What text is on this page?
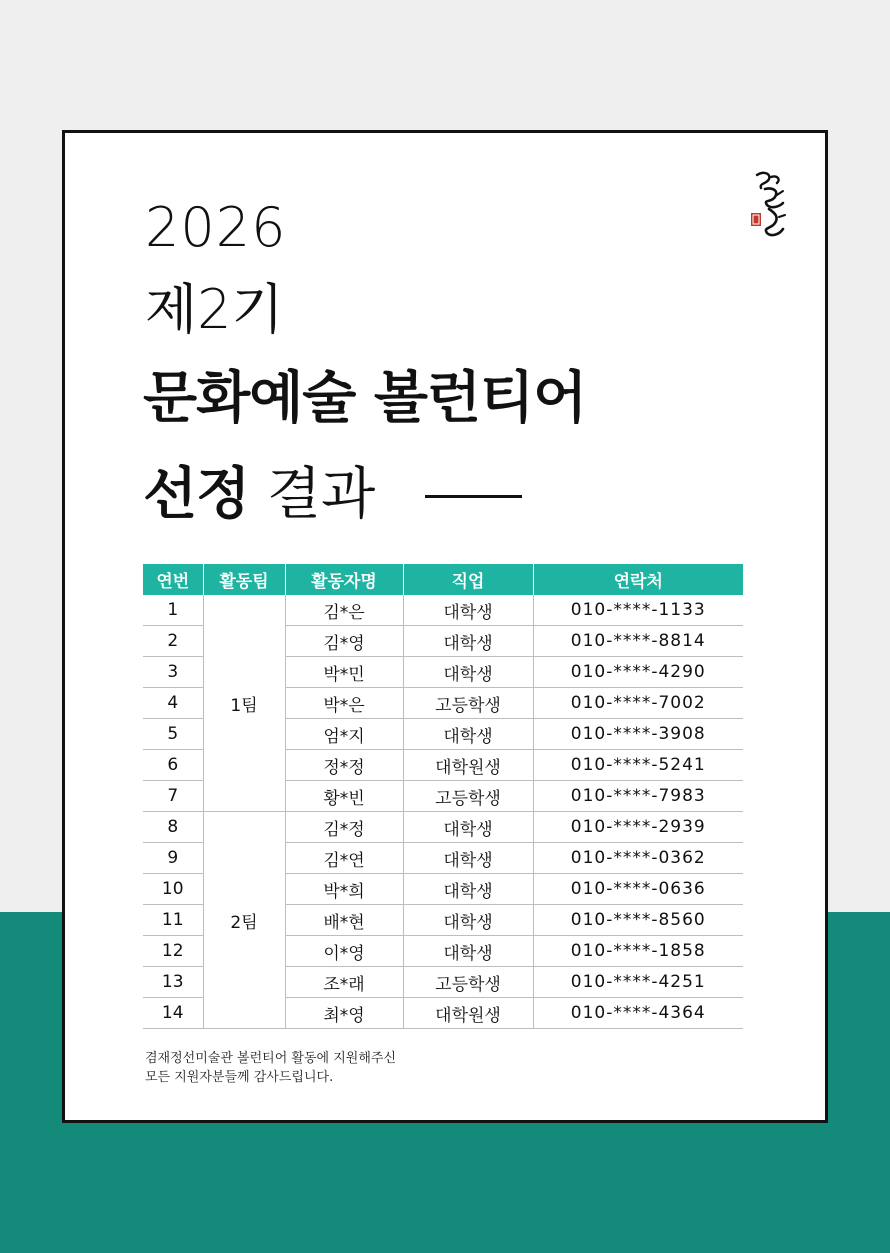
2026
제2기
문화예술 볼런티어
선정 결과
연번	활동팀	활동자명	직업	연락처
1	1팀	김*은	대학생	010-****-1133
2		김*영	대학생	010-****-8814
3		박*민	대학생	010-****-4290
4		박*은	고등학생	010-****-7002
5		엄*지	대학생	010-****-3908
6		정*정	대학원생	010-****-5241
7		황*빈	고등학생	010-****-7983
8	2팀	김*정	대학생	010-****-2939
9		김*연	대학생	010-****-0362
10		박*희	대학생	010-****-0636
11		배*현	대학생	010-****-8560
12		이*영	대학생	010-****-1858
13		조*래	고등학생	010-****-4251
14		최*영	대학원생	010-****-4364
겸재정선미술관 볼런티어 활동에 지원해주신
모든 지원자분들께 감사드립니다.
